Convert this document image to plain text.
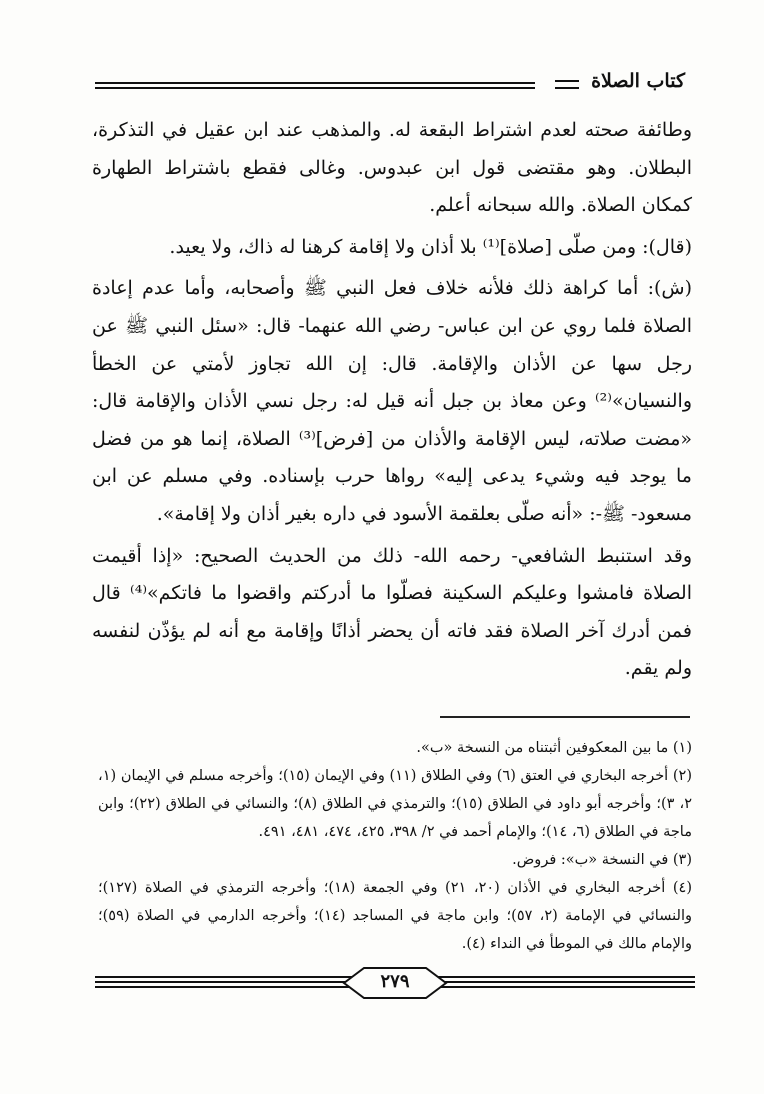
كتاب الصلاة

وطائفة صحته لعدم اشتراط البقعة له. والمذهب عند ابن عقيل في التذكرة، البطلان. وهو مقتضى قول ابن عبدوس. وغالى فقطع باشتراط الطهارة كمكان الصلاة. والله سبحانه أعلم.

(قال): ومن صلّى [صلاة]⁽¹⁾ بلا أذان ولا إقامة كرهنا له ذاك، ولا يعيد.

(ش): أما كراهة ذلك فلأنه خلاف فعل النبي ﷺ وأصحابه، وأما عدم إعادة الصلاة فلما روي عن ابن عباس- رضي الله عنهما- قال: «سئل النبي ﷺ عن رجل سها عن الأذان والإقامة. قال: إن الله تجاوز لأمتي عن الخطأ والنسيان»⁽²⁾ وعن معاذ بن جبل أنه قيل له: رجل نسي الأذان والإقامة قال: «مضت صلاته، ليس الإقامة والأذان من [فرض]⁽³⁾ الصلاة، إنما هو من فضل ما يوجد فيه وشيء يدعى إليه» رواها حرب بإسناده. وفي مسلم عن ابن مسعود- ﷺ-: «أنه صلّى بعلقمة الأسود في داره بغير أذان ولا إقامة».

وقد استنبط الشافعي- رحمه الله- ذلك من الحديث الصحيح: «إذا أقيمت الصلاة فامشوا وعليكم السكينة فصلّوا ما أدركتم واقضوا ما فاتكم»⁽⁴⁾ قال فمن أدرك آخر الصلاة فقد فاته أن يحضر أذانًا وإقامة مع أنه لم يؤذّن لنفسه ولم يقم.

(١) ما بين المعكوفين أثبتناه من النسخة «ب».

(٢) أخرجه البخاري في العتق (٦) وفي الطلاق (١١) وفي الإيمان (١٥)؛ وأخرجه مسلم في الإيمان (١، ٢، ٣)؛ وأخرجه أبو داود في الطلاق (١٥)؛ والترمذي في الطلاق (٨)؛ والنسائي في الطلاق (٢٢)؛ وابن ماجة في الطلاق (٦، ١٤)؛ والإمام أحمد في ٢/ ٣٩٨، ٤٢٥، ٤٧٤، ٤٨١، ٤٩١.

(٣) في النسخة «ب»: فروض.

(٤) أخرجه البخاري في الأذان (٢٠، ٢١) وفي الجمعة (١٨)؛ وأخرجه الترمذي في الصلاة (١٢٧)؛ والنسائي في الإمامة (٢، ٥٧)؛ وابن ماجة في المساجد (١٤)؛ وأخرجه الدارمي في الصلاة (٥٩)؛ والإمام مالك في الموطأ في النداء (٤).

٢٧٩
